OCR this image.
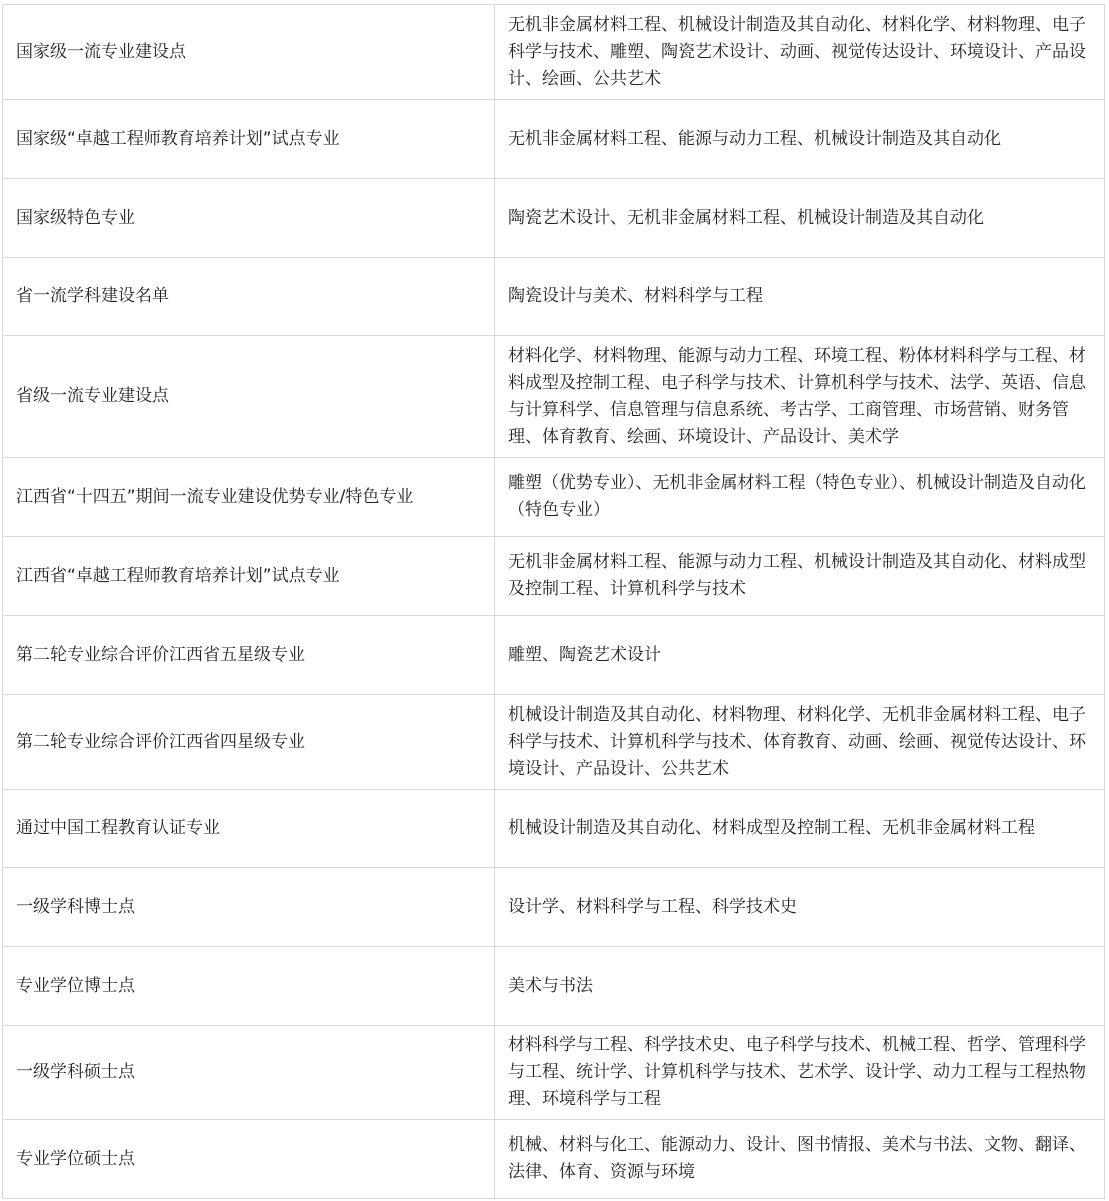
国家级一流专业建设点	无机非金属材料工程、机械设计制造及其自动化、材料化学、材料物理、电子科学与技术、雕塑、陶瓷艺术设计、动画、视觉传达设计、环境设计、产品设计、绘画、公共艺术
国家级“卓越工程师教育培养计划”试点专业	无机非金属材料工程、能源与动力工程、机械设计制造及其自动化
国家级特色专业	陶瓷艺术设计、无机非金属材料工程、机械设计制造及其自动化
省一流学科建设名单	陶瓷设计与美术、材料科学与工程
省级一流专业建设点	材料化学、材料物理、能源与动力工程、环境工程、粉体材料科学与工程、材料成型及控制工程、电子科学与技术、计算机科学与技术、法学、英语、信息与计算科学、信息管理与信息系统、考古学、工商管理、市场营销、财务管理、体育教育、绘画、环境设计、产品设计、美术学
江西省“十四五”期间一流专业建设优势专业/特色专业	雕塑（优势专业）、无机非金属材料工程（特色专业）、机械设计制造及自动化（特色专业）
江西省“卓越工程师教育培养计划”试点专业	无机非金属材料工程、能源与动力工程、机械设计制造及其自动化、材料成型及控制工程、计算机科学与技术
第二轮专业综合评价江西省五星级专业	雕塑、陶瓷艺术设计
第二轮专业综合评价江西省四星级专业	机械设计制造及其自动化、材料物理、材料化学、无机非金属材料工程、电子科学与技术、计算机科学与技术、体育教育、动画、绘画、视觉传达设计、环境设计、产品设计、公共艺术
通过中国工程教育认证专业	机械设计制造及其自动化、材料成型及控制工程、无机非金属材料工程
一级学科博士点	设计学、材料科学与工程、科学技术史
专业学位博士点	美术与书法
一级学科硕士点	材料科学与工程、科学技术史、电子科学与技术、机械工程、哲学、管理科学与工程、统计学、计算机科学与技术、艺术学、设计学、动力工程与工程热物理、环境科学与工程
专业学位硕士点	机械、材料与化工、能源动力、设计、图书情报、美术与书法、文物、翻译、法律、体育、资源与环境
